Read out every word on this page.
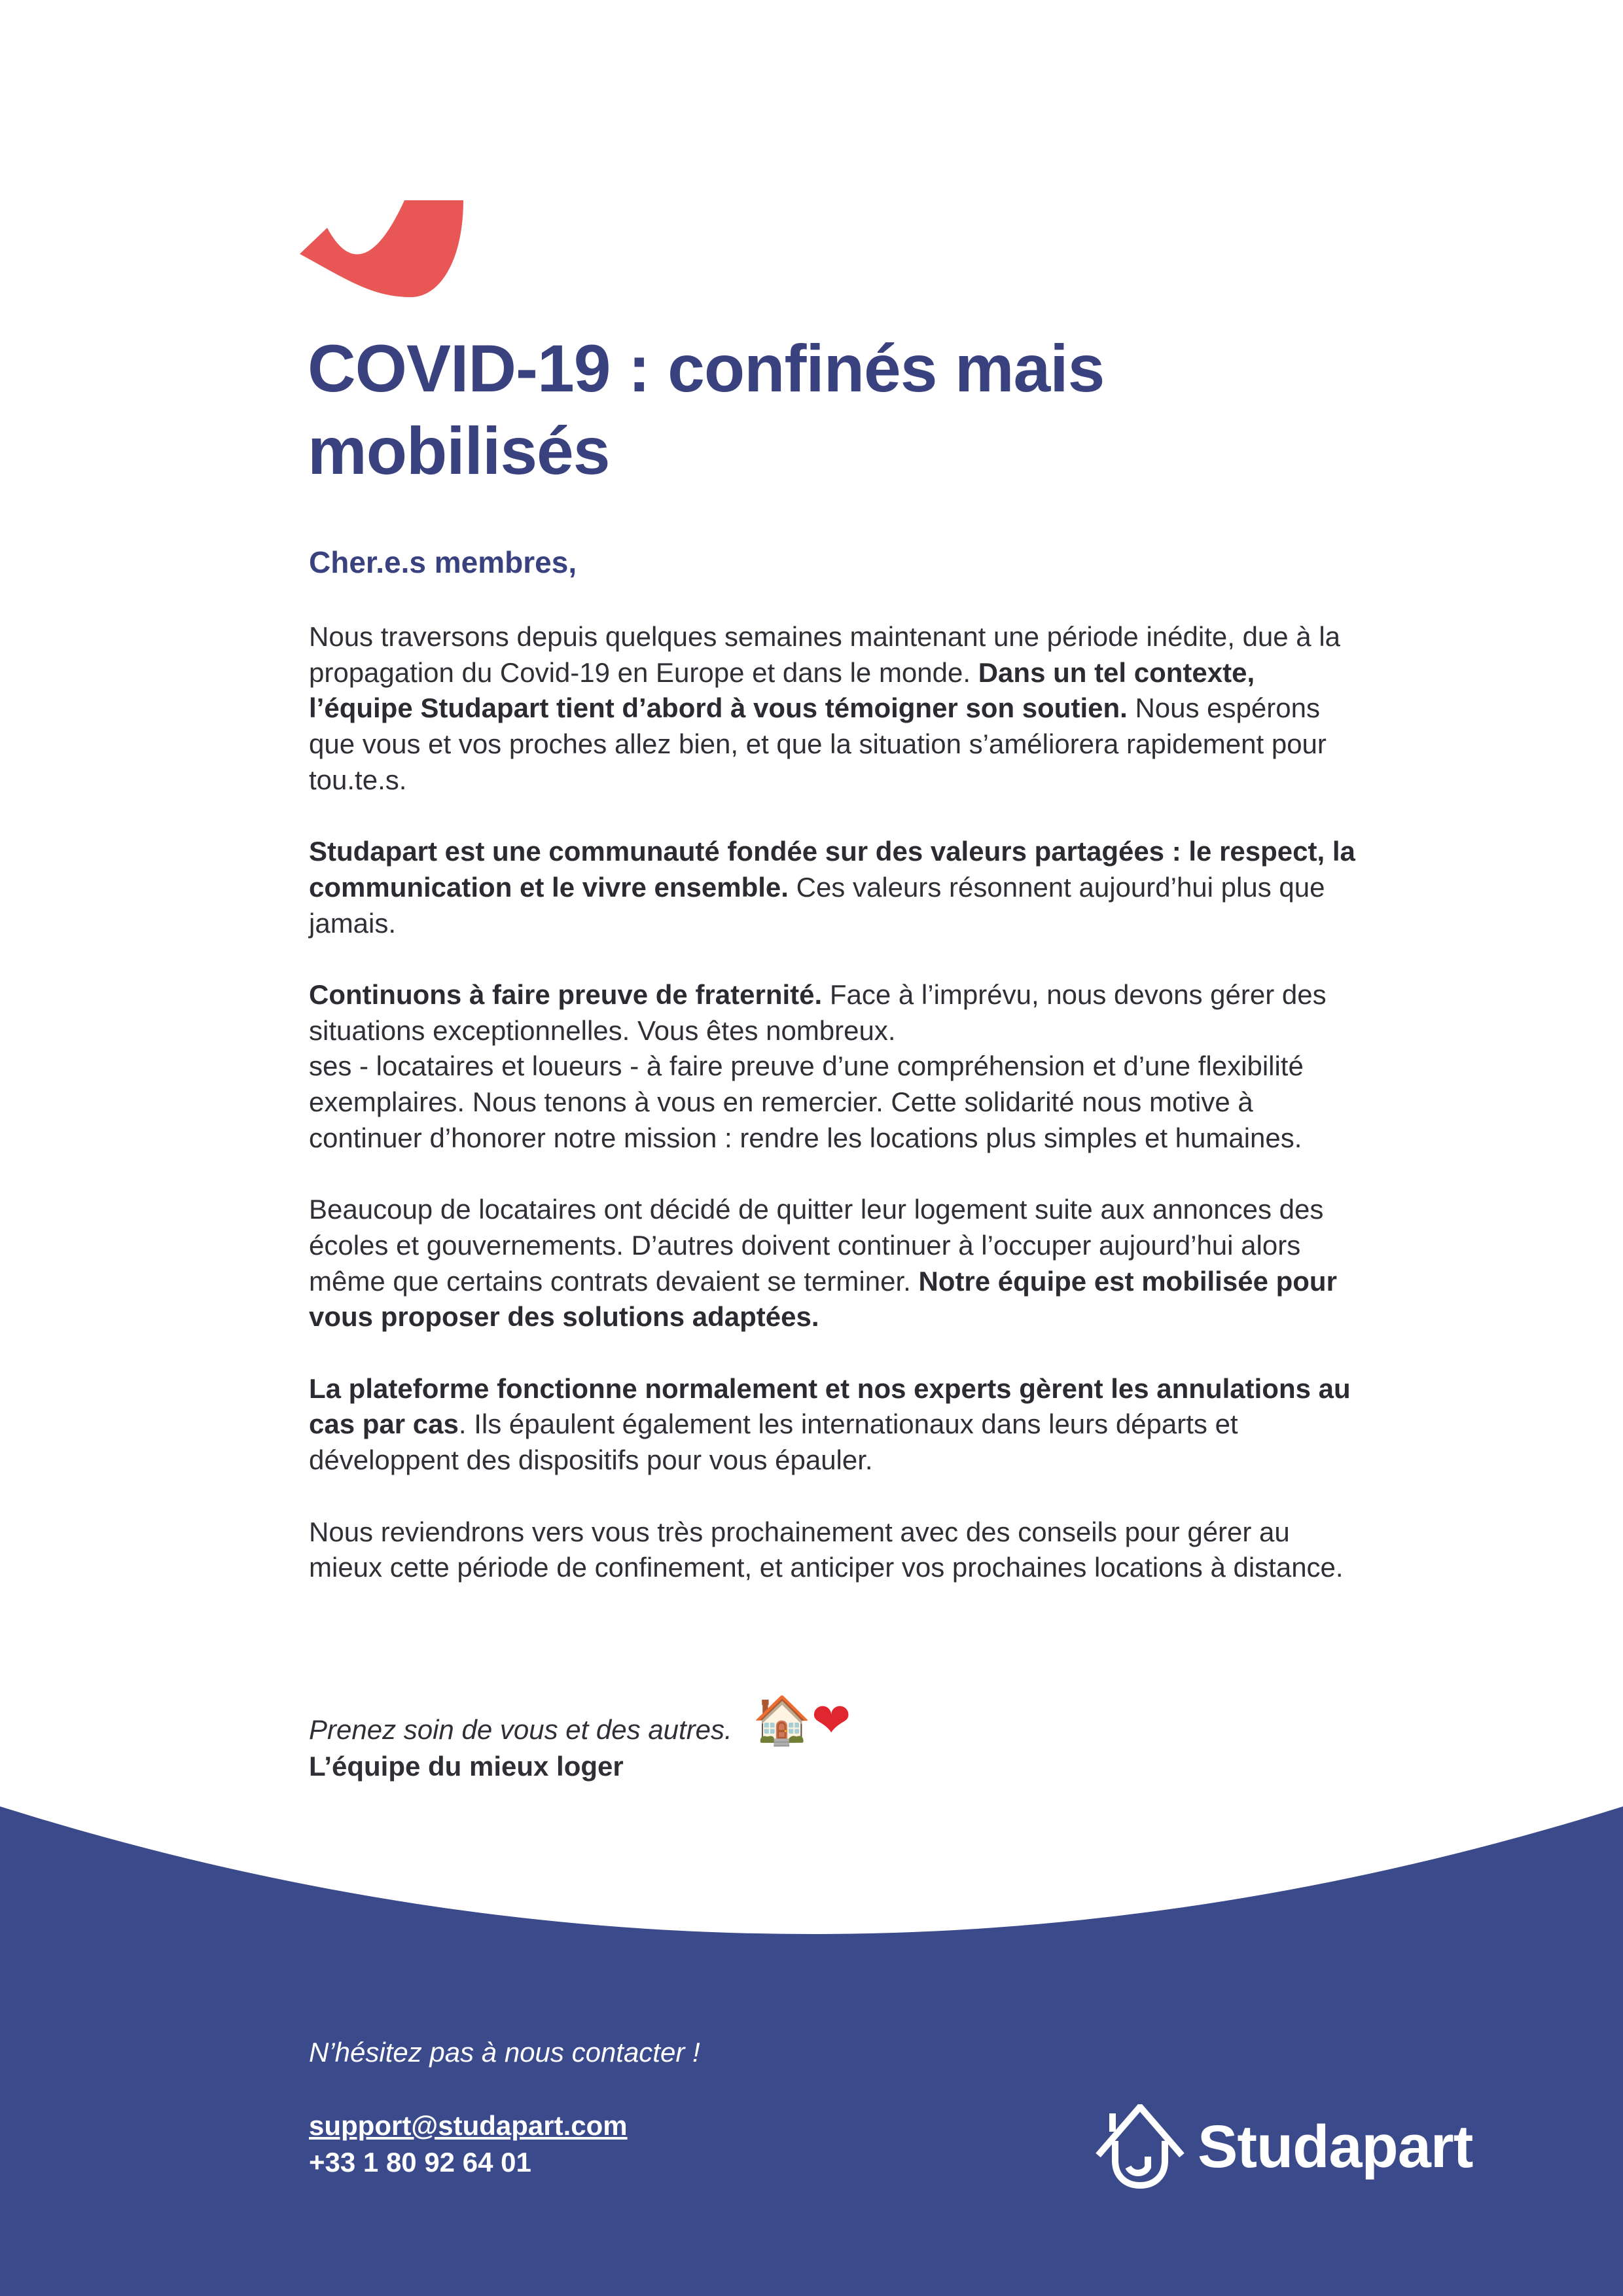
COVID-19 : confinés mais mobilisés
Cher.e.s membres,

Nous traversons depuis quelques semaines maintenant une période inédite, due à la propagation du Covid-19 en Europe et dans le monde. Dans un tel contexte, l’équipe Studapart tient d’abord à vous témoigner son soutien. Nous espérons que vous et vos proches allez bien, et que la situation s’améliorera rapidement pour tou.te.s.

Studapart est une communauté fondée sur des valeurs partagées : le respect, la communication et le vivre ensemble. Ces valeurs résonnent aujourd’hui plus que jamais.

Continuons à faire preuve de fraternité. Face à l’imprévu, nous devons gérer des situations exceptionnelles. Vous êtes nombreux.
ses - locataires et loueurs - à faire preuve d’une compréhension et d’une flexibilité exemplaires. Nous tenons à vous en remercier. Cette solidarité nous motive à continuer d’honorer notre mission : rendre les locations plus simples et humaines.

Beaucoup de locataires ont décidé de quitter leur logement suite aux annonces des écoles et gouvernements. D’autres doivent continuer à l’occuper aujourd’hui alors même que certains contrats devaient se terminer. Notre équipe est mobilisée pour vous proposer des solutions adaptées.

La plateforme fonctionne normalement et nos experts gèrent les annulations au cas par cas. Ils épaulent également les internationaux dans leurs départs et développent des dispositifs pour vous épauler.

Nous reviendrons vers vous très prochainement avec des conseils pour gérer au mieux cette période de confinement, et anticiper vos prochaines locations à distance.

Prenez soin de vous et des autres. 🏠❤
L’équipe du mieux loger
N’hésitez pas à nous contacter !
support@studapart.com
+33 1 80 92 64 01	Studapart
